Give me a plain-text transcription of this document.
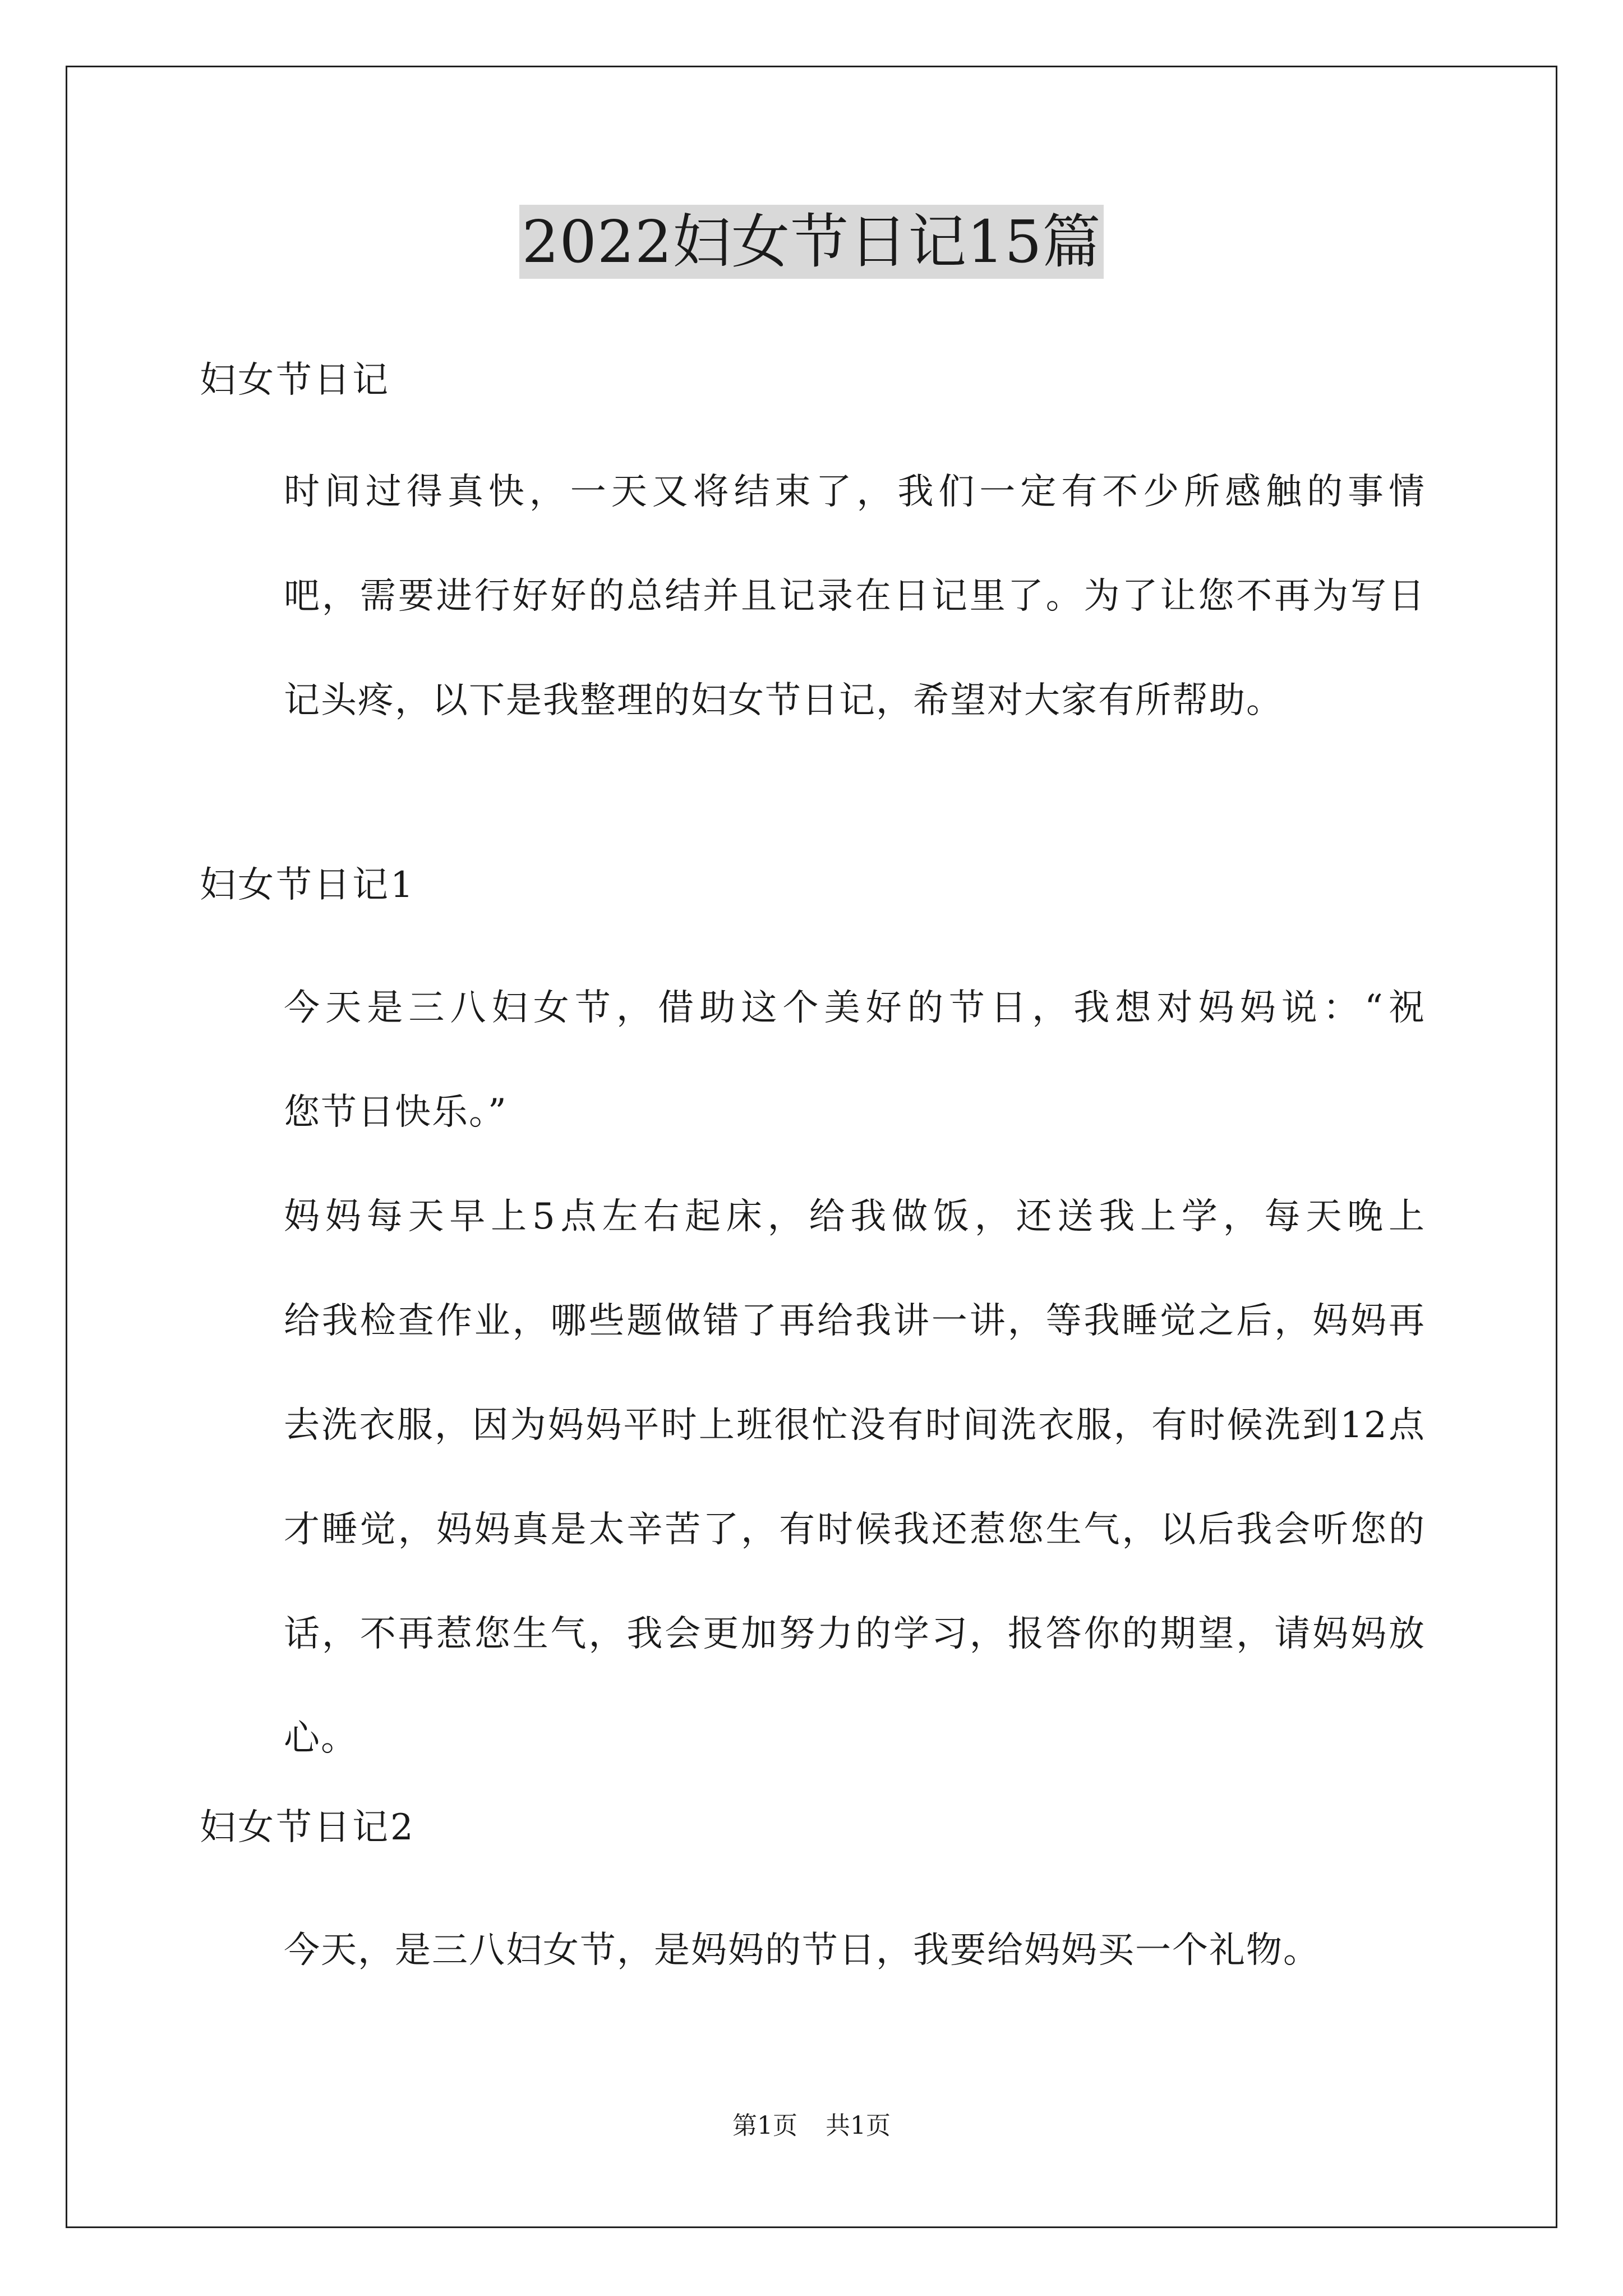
2022妇女节日记15篇
妇女节日记

时间过得真快，一天又将结束了，我们一定有不少所感触的事情
吧，需要进行好好的总结并且记录在日记里了。为了让您不再为写日
记头疼，以下是我整理的妇女节日记，希望对大家有所帮助。

妇女节日记1

今天是三八妇女节，借助这个美好的节日，我想对妈妈说：“祝
您节日快乐。”

妈妈每天早上5点左右起床，给我做饭，还送我上学，每天晚上
给我检查作业，哪些题做错了再给我讲一讲，等我睡觉之后，妈妈再
去洗衣服，因为妈妈平时上班很忙没有时间洗衣服，有时候洗到12点
才睡觉，妈妈真是太辛苦了，有时候我还惹您生气，以后我会听您的
话，不再惹您生气，我会更加努力的学习，报答你的期望，请妈妈放
心。

妇女节日记2

今天，是三八妇女节，是妈妈的节日，我要给妈妈买一个礼物。

第1页 共1页
